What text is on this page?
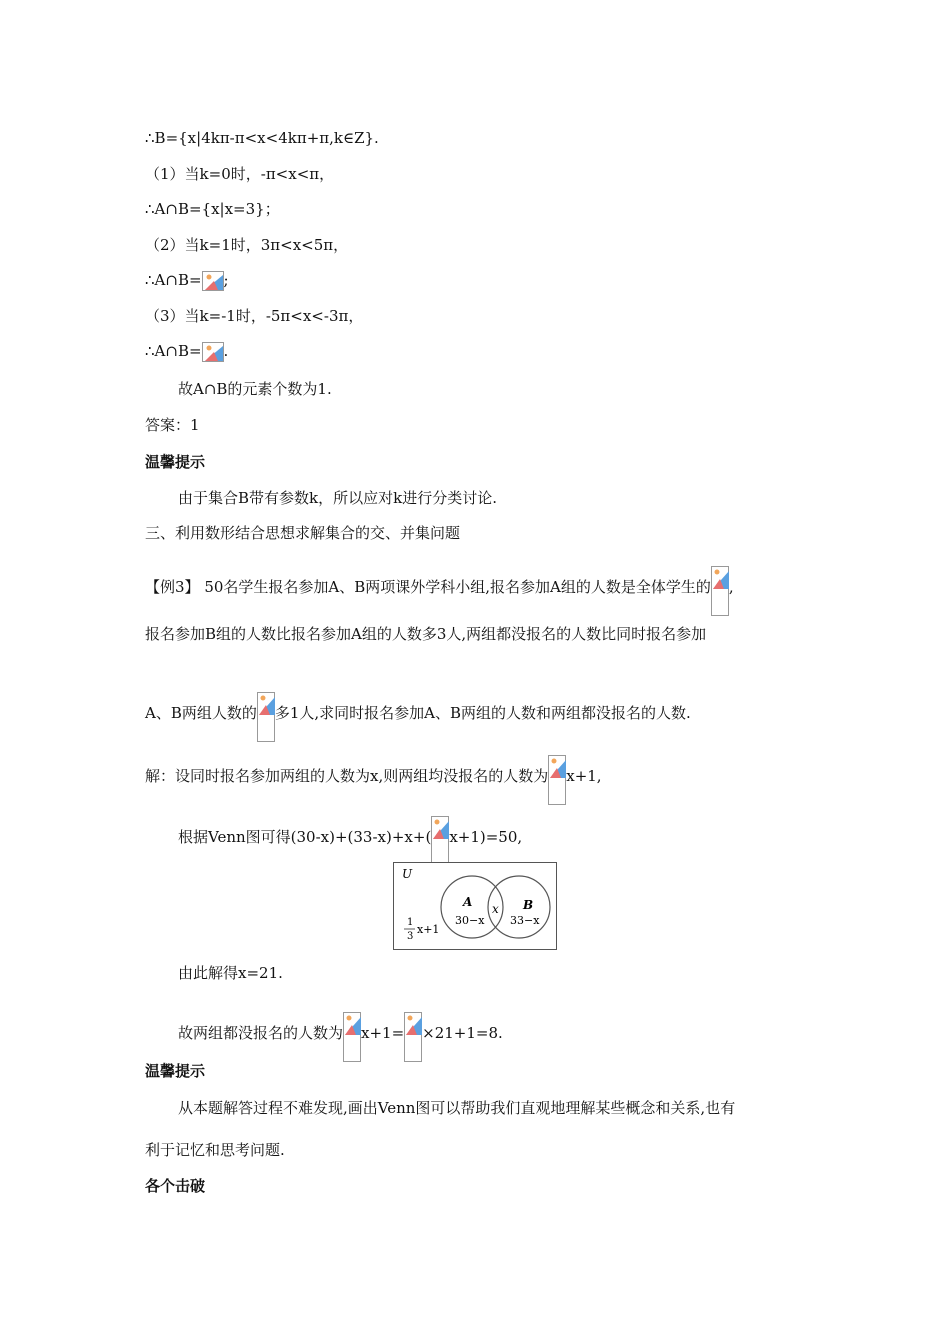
∴B={x|4kπ-π<x<4kπ+π,k∈Z}.
（1）当k=0时，-π<x<π，
∴A∩B={x|x=3}；
（2）当k=1时，3π<x<5π，
∴A∩B= ;
（3）当k=-1时，-5π<x<-3π，
∴A∩B= .
故A∩B的元素个数为1.
答案：1
温馨提示
由于集合B带有参数k，所以应对k进行分类讨论.
三、利用数形结合思想求解集合的交、并集问题
【例3】 50名学生报名参加A、B两项课外学科小组,报名参加A组的人数是全体学生的 ,
报名参加B组的人数比报名参加A组的人数多3人,两组都没报名的人数比同时报名参加
A、B两组人数的 多1人,求同时报名参加A、B两组的人数和两组都没报名的人数.
解：设同时报名参加两组的人数为x,则两组均没报名的人数为 x+1,
根据Venn图可得(30-x)+(33-x)+x+( x+1)=50,
U
A
30−x
x B
33−x
1
3
x+1
由此解得x=21.
故两组都没报名的人数为 x+1= ×21+1=8.
温馨提示
从本题解答过程不难发现,画出Venn图可以帮助我们直观地理解某些概念和关系,也有
利于记忆和思考问题.
各个击破
